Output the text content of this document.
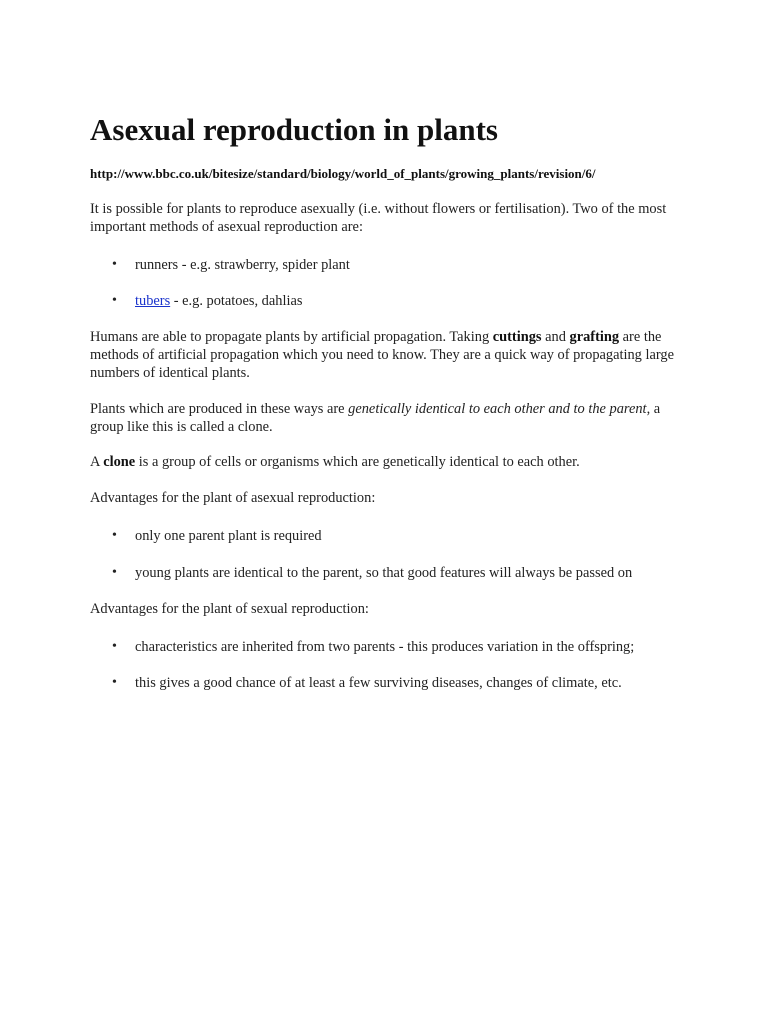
Asexual reproduction in plants

http://www.bbc.co.uk/bitesize/standard/biology/world_of_plants/growing_plants/revision/6/

It is possible for plants to reproduce asexually (i.e. without flowers or fertilisation). Two of the most important methods of asexual reproduction are:

•	runners - e.g. strawberry, spider plant
•	tubers - e.g. potatoes, dahlias

Humans are able to propagate plants by artificial propagation. Taking cuttings and grafting are the methods of artificial propagation which you need to know. They are a quick way of propagating large numbers of identical plants.

Plants which are produced in these ways are genetically identical to each other and to the parent, a group like this is called a clone.

A clone is a group of cells or organisms which are genetically identical to each other.

Advantages for the plant of asexual reproduction:

•	only one parent plant is required
•	young plants are identical to the parent, so that good features will always be passed on

Advantages for the plant of sexual reproduction:

•	characteristics are inherited from two parents - this produces variation in the offspring;
•	this gives a good chance of at least a few surviving diseases, changes of climate, etc.
